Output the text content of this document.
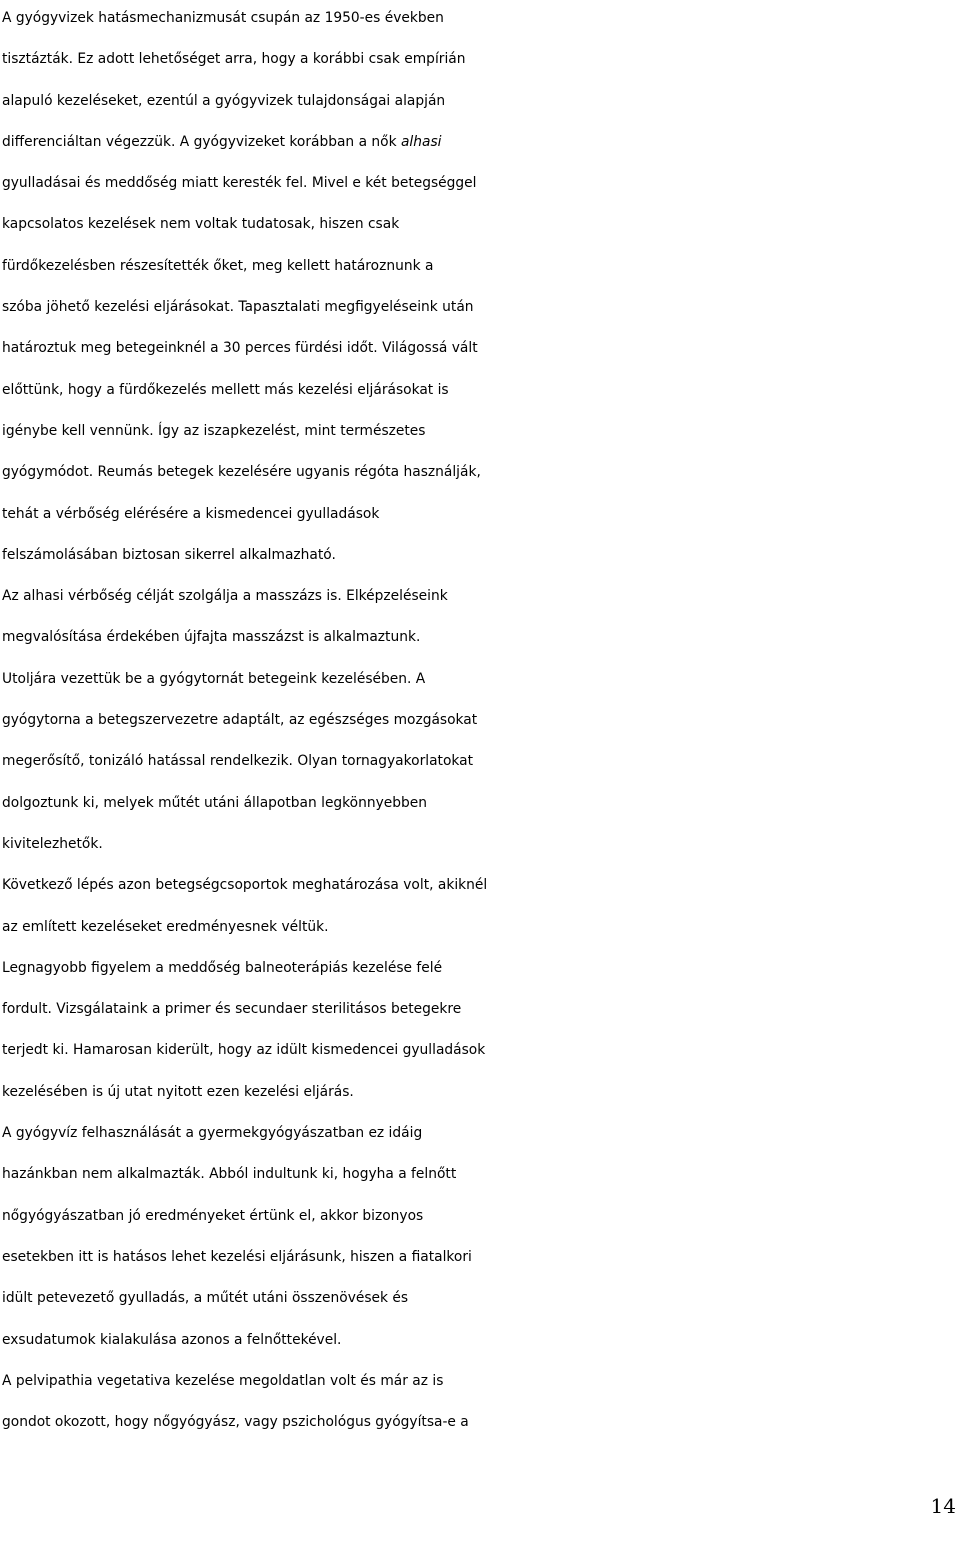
A gyógyvizek hatásmechanizmusát csupán az 1950-es években
tisztázták. Ez adott lehetőséget arra, hogy a korábbi csak empírián
alapuló kezeléseket, ezentúl a gyógyvizek tulajdonságai alapján
differenciáltan végezzük. A gyógyvizeket korábban a nők alhasi
gyulladásai és meddőség miatt keresték fel. Mivel e két betegséggel
kapcsolatos kezelések nem voltak tudatosak, hiszen csak
fürdőkezelésben részesítették őket, meg kellett határoznunk a
szóba jöhető kezelési eljárásokat. Tapasztalati megfigyeléseink után
határoztuk meg betegeinknél a 30 perces fürdési időt. Világossá vált
előttünk, hogy a fürdőkezelés mellett más kezelési eljárásokat is
igénybe kell vennünk. Így az iszapkezelést, mint természetes
gyógymódot. Reumás betegek kezelésére ugyanis régóta használják,
tehát a vérbőség elérésére a kismedencei gyulladások
felszámolásában biztosan sikerrel alkalmazható.
Az alhasi vérbőség célját szolgálja a masszázs is. Elképzeléseink
megvalósítása érdekében újfajta masszázst is alkalmaztunk.
Utoljára vezettük be a gyógytornát betegeink kezelésében. A
gyógytorna a betegszervezetre adaptált, az egészséges mozgásokat
megerősítő, tonizáló hatással rendelkezik. Olyan tornagyakorlatokat
dolgoztunk ki, melyek műtét utáni állapotban legkönnyebben
kivitelezhetők.
Következő lépés azon betegségcsoportok meghatározása volt, akiknél
az említett kezeléseket eredményesnek véltük.
Legnagyobb figyelem a meddőség balneoterápiás kezelése felé
fordult. Vizsgálataink a primer és secundaer sterilitásos betegekre
terjedt ki. Hamarosan kiderült, hogy az idült kismedencei gyulladások
kezelésében is új utat nyitott ezen kezelési eljárás.
A gyógyvíz felhasználását a gyermekgyógyászatban ez idáig
hazánkban nem alkalmazták. Abból indultunk ki, hogyha a felnőtt
nőgyógyászatban jó eredményeket értünk el, akkor bizonyos
esetekben itt is hatásos lehet kezelési eljárásunk, hiszen a fiatalkori
idült petevezető gyulladás, a műtét utáni összenövések és
exsudatumok kialakulása azonos a felnőttekével.
A pelvipathia vegetativa kezelése megoldatlan volt és már az is
gondot okozott, hogy nőgyógyász, vagy pszichológus gyógyítsa-e a
14
